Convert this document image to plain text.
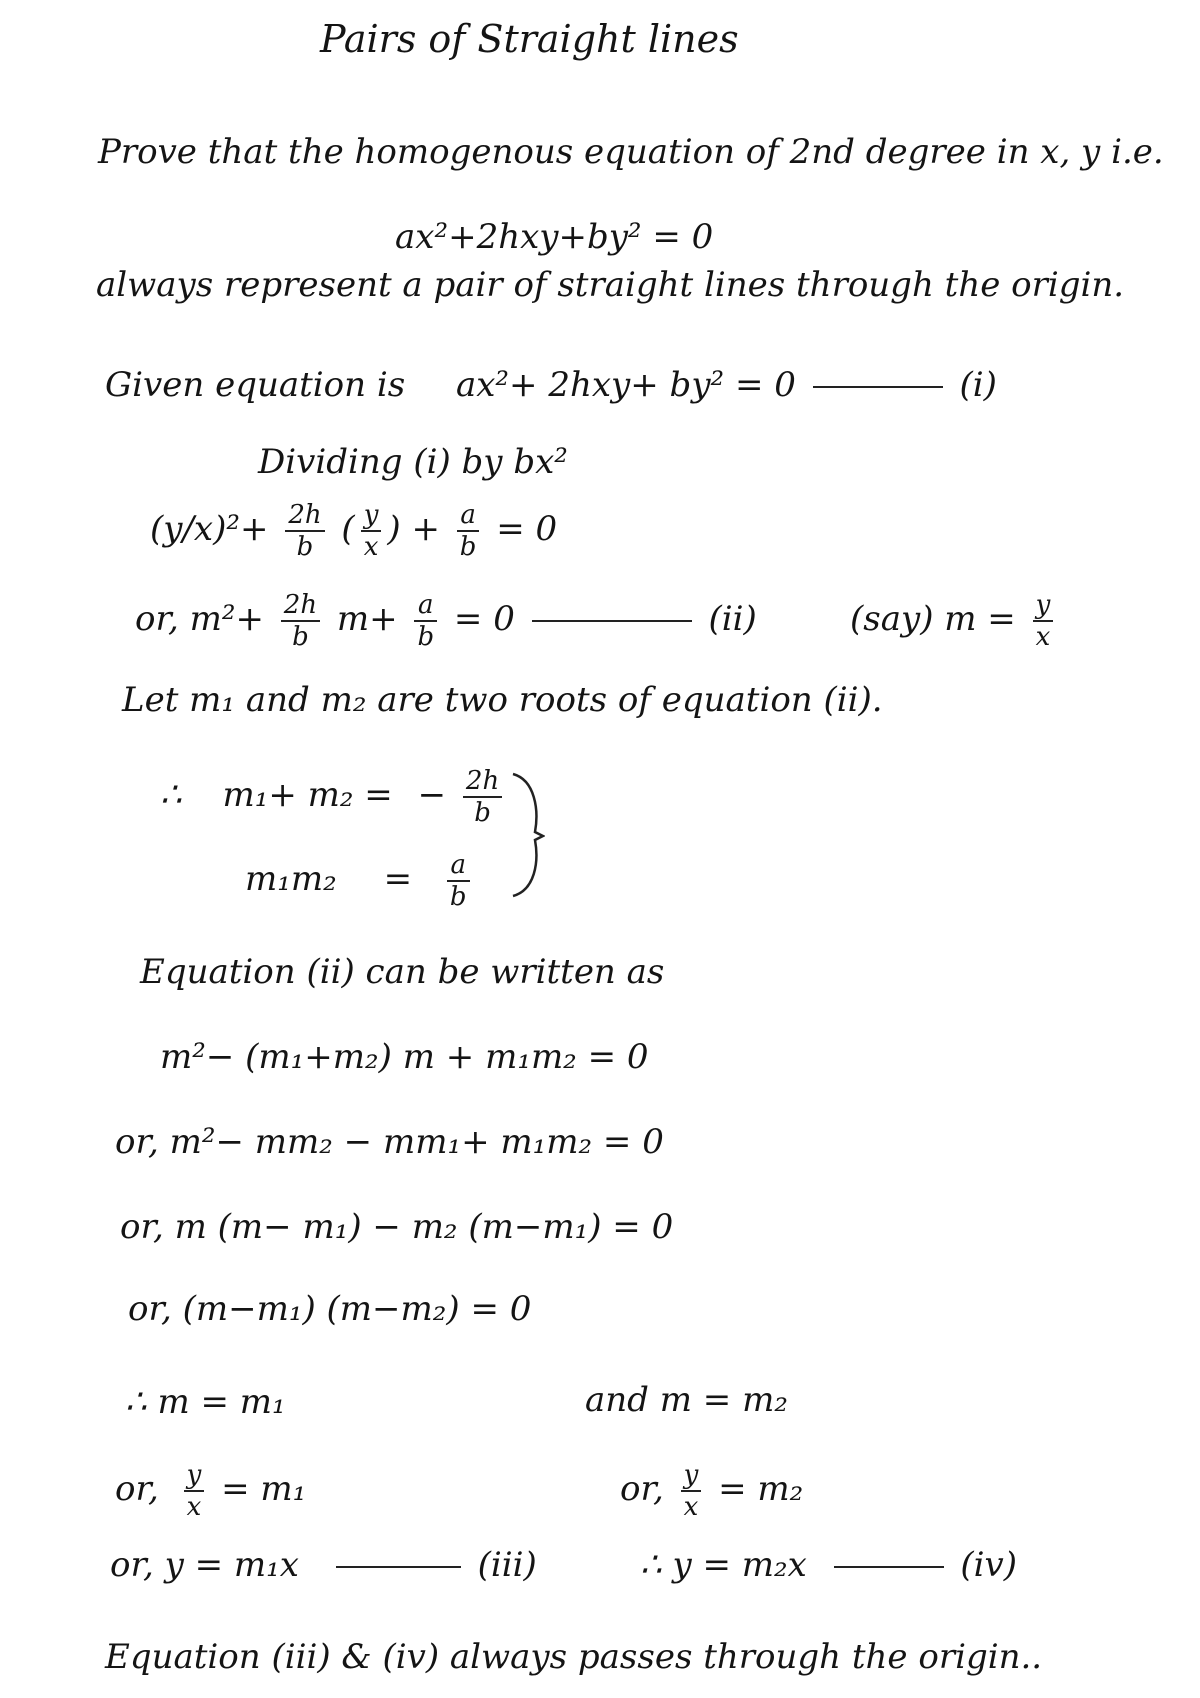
Pairs of Straight lines
Prove that the homogenous equation of 2nd degree in x, y i.e.
ax²+2hxy+by² = 0
always represent a pair of straight lines through the origin.
Given equation is ax²+ 2hxy+ by² = 0	(i)
Dividing (i) by bx²
$(y/x)^2+ \frac{2h}{b}$ ( $\frac{y}{x}$ ) + $\frac{a}{b} = 0$
or, $m^2+ \frac{2h}{b} m+ \frac{a}{b} = 0$	(ii)	(say) $m = \frac{y}{x}$
Let m₁ and m₂ are two roots of equation (ii).
∴ m₁+ m₂ = − $\frac{2h}{b}$
$m_1m_2 = \frac{a}{b}$
Equation (ii) can be written as
m²− (m₁+m₂) m + m₁m₂ = 0
or, m²− mm₂ − mm₁+ m₁m₂ = 0
or, m (m− m₁) − m₂ (m−m₁) = 0
or, (m−m₁) (m−m₂) = 0
∴ m = m₁	and m = m₂
or, $\frac{y}{x} = m_1$	or, $\frac{y}{x} = m_2$
or, y = m₁x	(iii)	∴ y = m₂x	(iv)
Equation (iii) & (iv) always passes through the origin..
